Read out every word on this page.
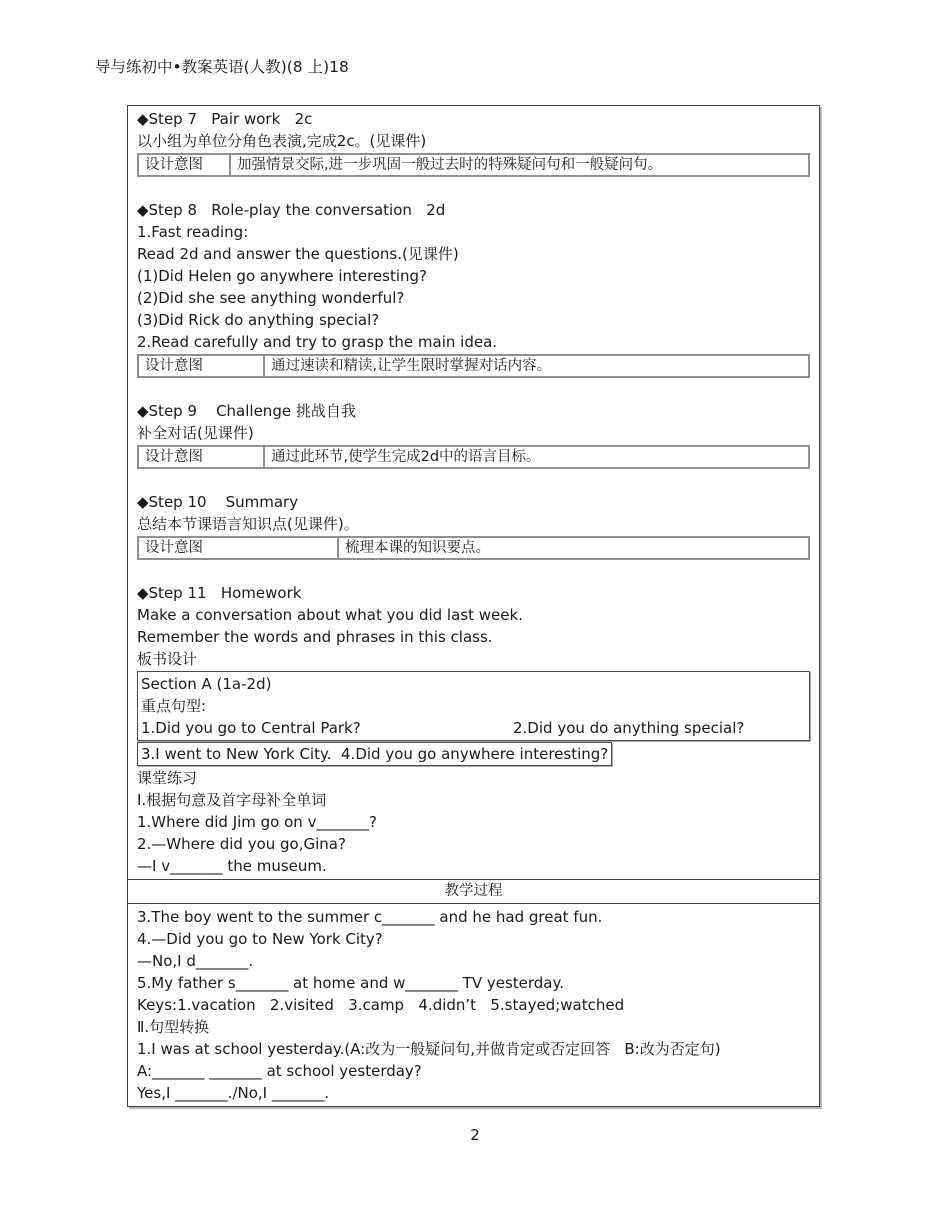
导与练初中•教案英语(人教)(8 上)18
◆Step 7   Pair work   2c
以小组为单位分角色表演,完成2c。(见课件)
设计意图	加强情景交际,进一步巩固一般过去时的特殊疑问句和一般疑问句。
◆Step 8   Role-play the conversation   2d
1.Fast reading:
Read 2d and answer the questions.(见课件)
(1)Did Helen go anywhere interesting?
(2)Did she see anything wonderful?
(3)Did Rick do anything special?
2.Read carefully and try to grasp the main idea.
设计意图	通过速读和精读,让学生限时掌握对话内容。
◆Step 9    Challenge 挑战自我
补全对话(见课件)
设计意图	通过此环节,使学生完成2d中的语言目标。
◆Step 10    Summary
总结本节课语言知识点(见课件)。
设计意图	梳理本课的知识要点。
◆Step 11   Homework
Make a conversation about what you did last week.
Remember the words and phrases in this class.
板书设计
Section A (1a-2d)
重点句型:
1.Did you go to Central Park?	2.Did you do anything special?
3.I went to New York City.  4.Did you go anywhere interesting?
课堂练习
Ⅰ.根据句意及首字母补全单词
1.Where did Jim go on v_______?
2.—Where did you go,Gina?
—I v_______ the museum.
教学过程
3.The boy went to the summer c_______ and he had great fun.
4.—Did you go to New York City?
—No,I d_______.
5.My father s_______ at home and w_______ TV yesterday.
Keys:1.vacation   2.visited   3.camp   4.didn’t   5.stayed;watched
Ⅱ.句型转换
1.I was at school yesterday.(A:改为一般疑问句,并做肯定或否定回答   B:改为否定句)
A:_______ _______ at school yesterday?
Yes,I _______./No,I _______.
2
